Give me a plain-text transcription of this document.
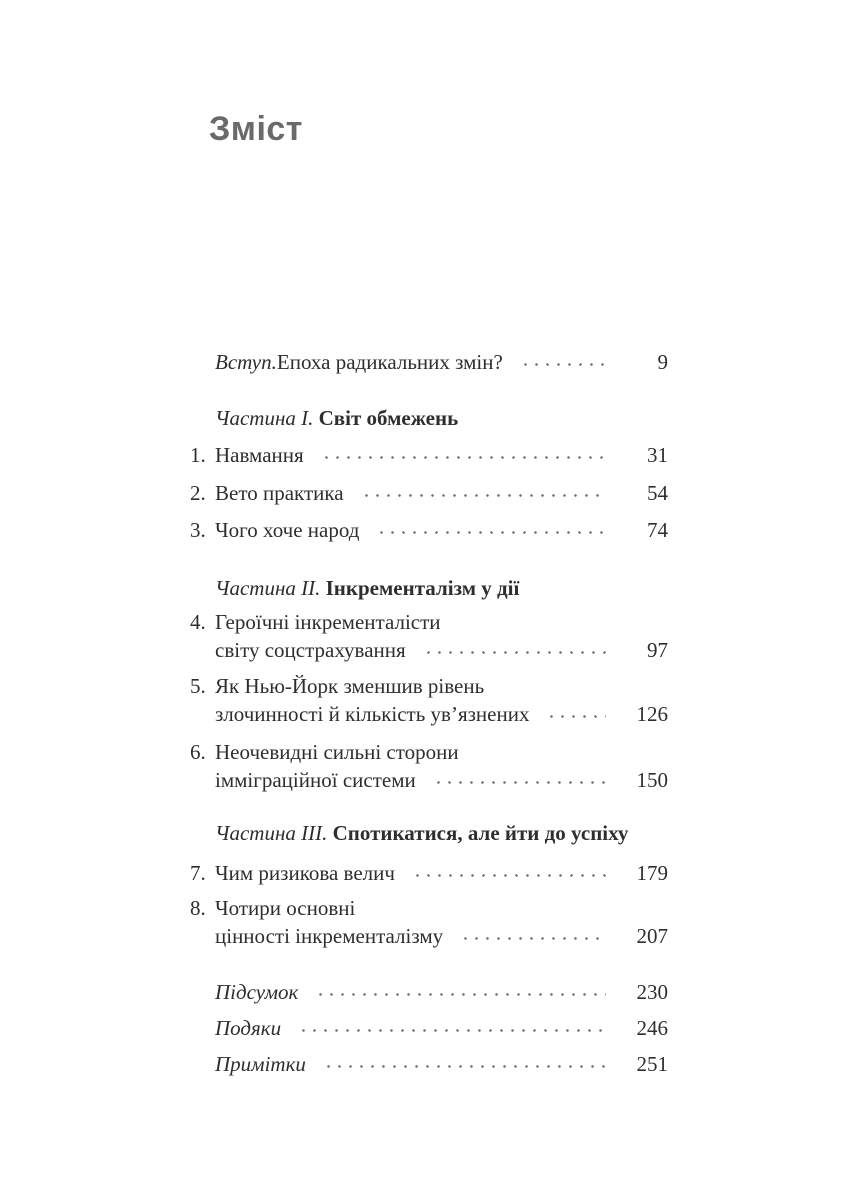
Зміст
Вступ. Епоха радикальних змін?	9
Частина I.
Світ обмежень
1. Навмання	31
2. Вето практика	54
3. Чого хоче народ	74
Частина II.
Інкременталізм у дії
4. Героїчні інкременталісти
світу соцстрахування	97
5. Як Нью-Йорк зменшив рівень
злочинності й кількість ув’язнених	126
6. Неочевидні сильні сторони
імміграційної системи	150
Частина III.
Спотикатися, але йти до успіху
7. Чим ризикова велич	179
8. Чотири основні
цінності інкременталізму	207
Підсумок	230
Подяки	246
Примітки	251
